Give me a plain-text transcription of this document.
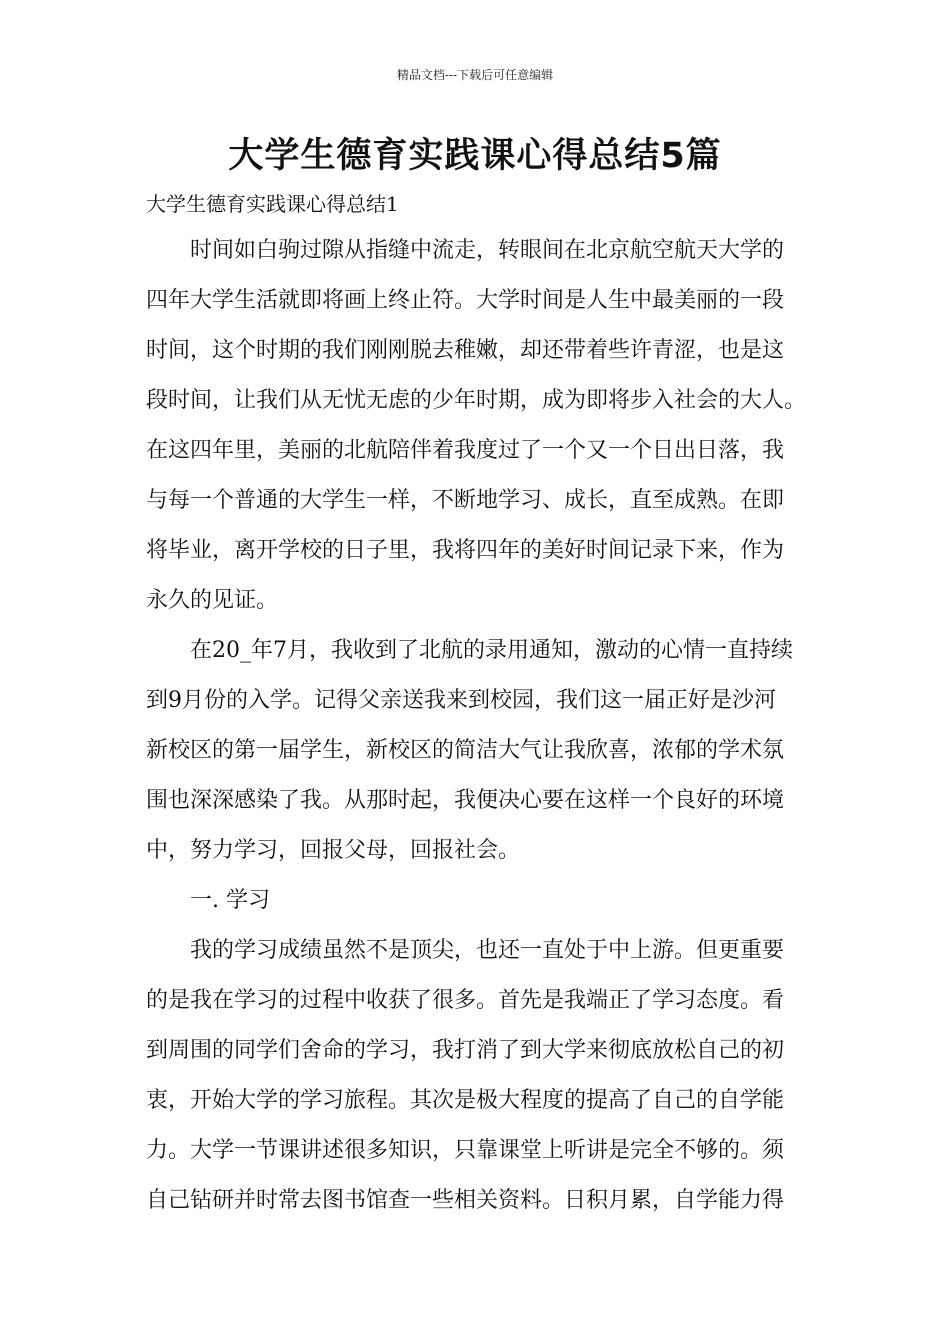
精品文档---下载后可任意编辑
大学生德育实践课心得总结5篇
大学生德育实践课心得总结1

　　时间如白驹过隙从指缝中流走，转眼间在北京航空航天大学的
四年大学生活就即将画上终止符。大学时间是人生中最美丽的一段
时间，这个时期的我们刚刚脱去稚嫩，却还带着些许青涩，也是这
段时间，让我们从无忧无虑的少年时期，成为即将步入社会的大人。
在这四年里，美丽的北航陪伴着我度过了一个又一个日出日落，我
与每一个普通的大学生一样，不断地学习、成长，直至成熟。在即
将毕业，离开学校的日子里，我将四年的美好时间记录下来，作为
永久的见证。

　　在20_年7月，我收到了北航的录用通知，激动的心情一直持续
到9月份的入学。记得父亲送我来到校园，我们这一届正好是沙河
新校区的第一届学生，新校区的简洁大气让我欣喜，浓郁的学术氛
围也深深感染了我。从那时起，我便决心要在这样一个良好的环境
中，努力学习，回报父母，回报社会。

　　一. 学习

　　我的学习成绩虽然不是顶尖，也还一直处于中上游。但更重要
的是我在学习的过程中收获了很多。首先是我端正了学习态度。看
到周围的同学们舍命的学习，我打消了到大学来彻底放松自己的初
衷，开始大学的学习旅程。其次是极大程度的提高了自己的自学能
力。大学一节课讲述很多知识，只靠课堂上听讲是完全不够的。须
自己钻研并时常去图书馆查一些相关资料。日积月累，自学能力得
